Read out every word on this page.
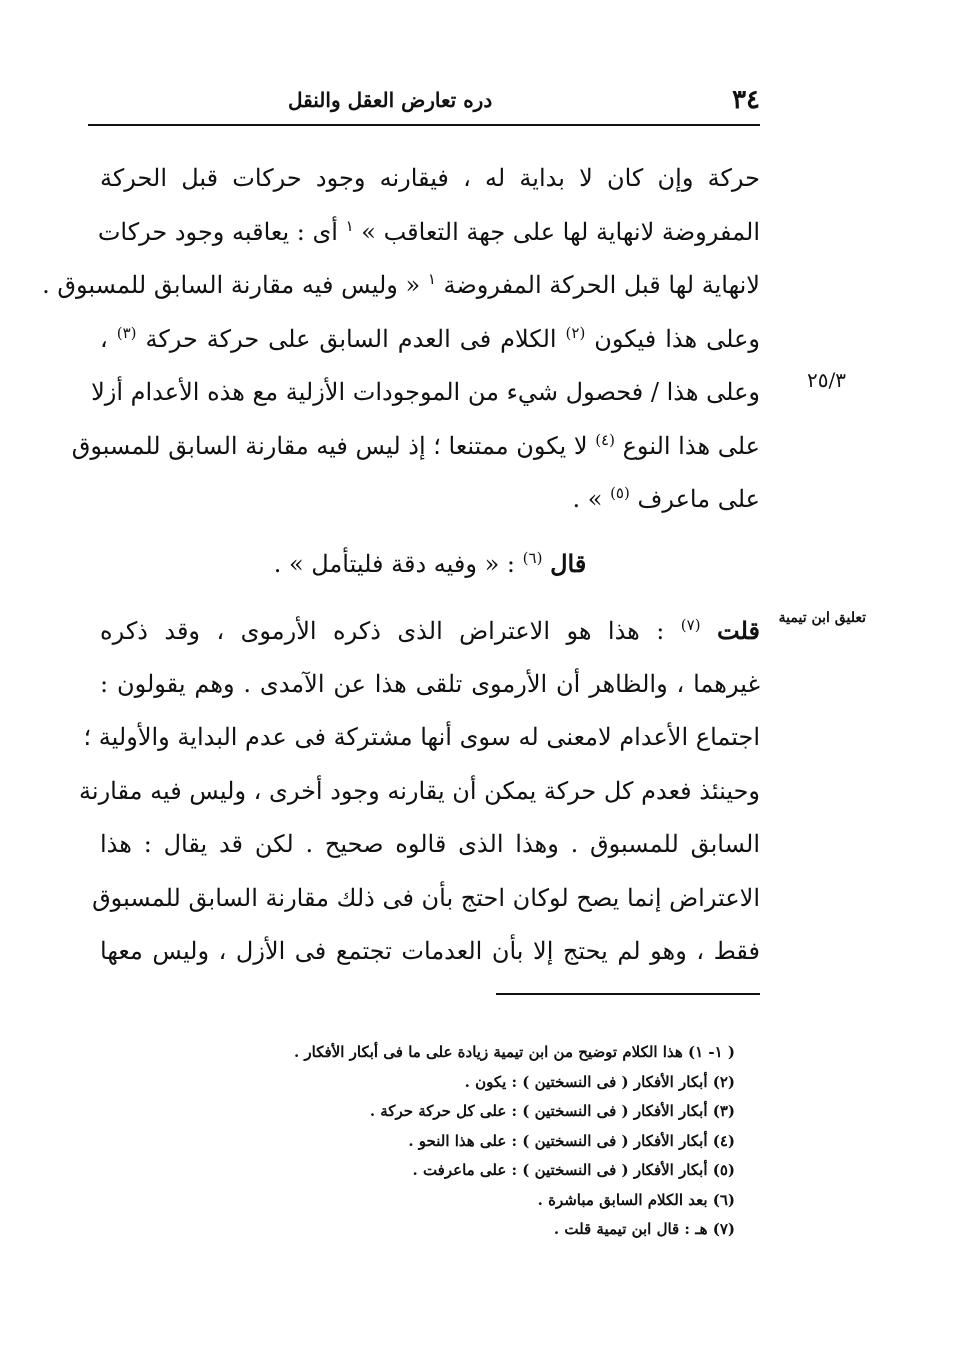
٣٤
دره تعارض العقل والنقل
٢٥/٣
تعليق ابن تيمية
حركة وإن كان لا بداية له ، فيقارنه وجود حركات قبل الحركة
المفروضة لانهاية لها على جهة التعاقب » $^١$ أى : يعاقبه وجود حركات
لانهاية لها قبل الحركة المفروضة $^١$ « وليس فيه مقارنة السابق للمسبوق .
وعلى هذا فيكون $^{(٢)}$ الكلام فى العدم السابق على حركة حركة $^{(٣)}$ ،
وعلى هذا / فحصول شيء من الموجودات الأزلية مع هذه الأعدام أزلا
على هذا النوع $^{(٤)}$ لا يكون ممتنعا ؛ إذ ليس فيه مقارنة السابق للمسبوق
على ماعرف $^{(٥)}$ » .
قال $^{(٦)}$ : « وفيه دقة فليتأمل » .
قلت $^{(٧)}$ : هذا هو الاعتراض الذى ذكره الأرموى ، وقد ذكره
غيرهما ، والظاهر أن الأرموى تلقى هذا عن الآمدى . وهم يقولون :
اجتماع الأعدام لامعنى له سوى أنها مشتركة فى عدم البداية والأولية ؛
وحينئذ فعدم كل حركة يمكن أن يقارنه وجود أخرى ، وليس فيه مقارنة
السابق للمسبوق . وهذا الذى قالوه صحيح . لكن قد يقال : هذا
الاعتراض إنما يصح لوكان احتج بأن فى ذلك مقارنة السابق للمسبوق
فقط ، وهو لم يحتج إلا بأن العدمات تجتمع فى الأزل ، وليس معها
( ١- ١) هذا الكلام توضيح من ابن تيمية زيادة على ما فى أبكار الأفكار .
(٢) أبكار الأفكار ( فى النسختين ) : يكون .
(٣) أبكار الأفكار ( فى النسختين ) : على كل حركة حركة .
(٤) أبكار الأفكار ( فى النسختين ) : على هذا النحو .
(٥) أبكار الأفكار ( فى النسختين ) : على ماعرفت .
(٦) بعد الكلام السابق مباشرة .
(٧) هـ : قال ابن تيمية قلت .
